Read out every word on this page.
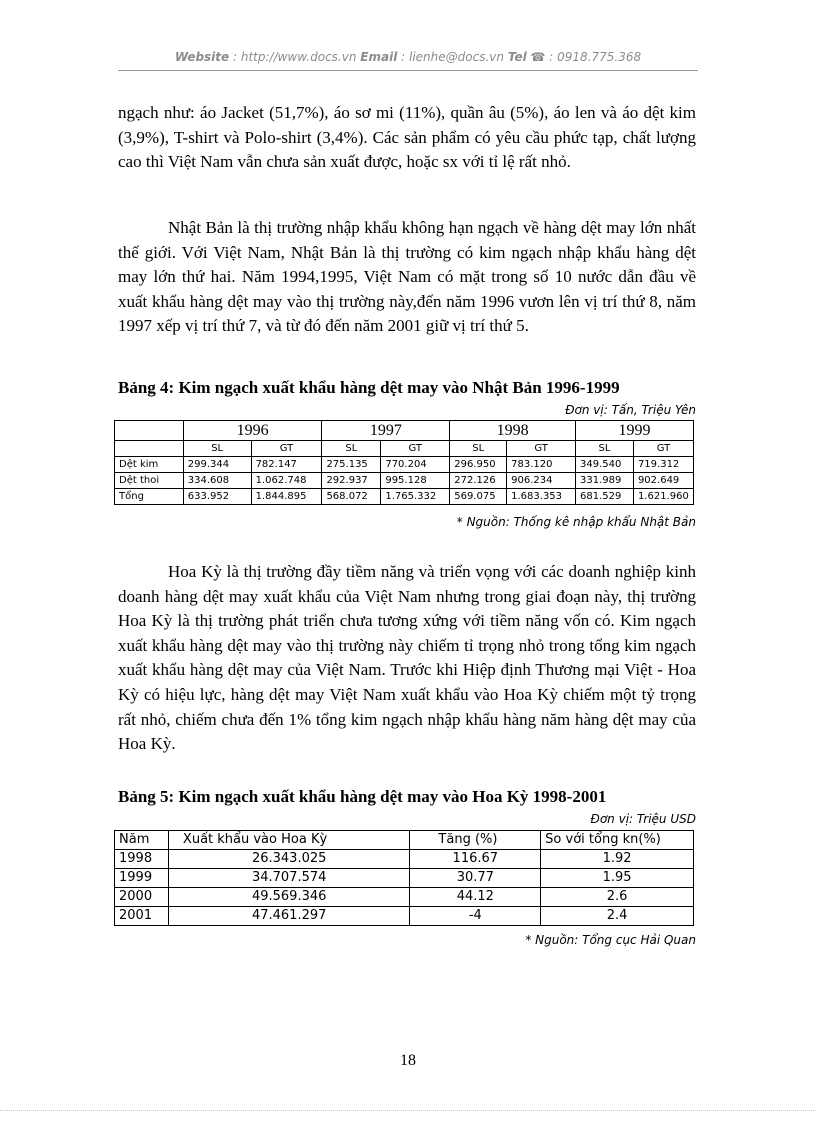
Website : http://www.docs.vn Email : lienhe@docs.vn Tel ☎ : 0918.775.368

ngạch như: áo Jacket (51,7%), áo sơ mi (11%), quần âu (5%), áo len và áo dệt kim (3,9%), T-shirt và Polo-shirt (3,4%). Các sản phẩm có yêu cầu phức tạp, chất lượng cao thì Việt Nam vẫn chưa sản xuất được, hoặc sx với tỉ lệ rất nhỏ.

Nhật Bản là thị trường nhập khẩu không hạn ngạch về hàng dệt may lớn nhất thế giới. Với Việt Nam, Nhật Bản là thị trường có kim ngạch nhập khẩu hàng dệt may lớn thứ hai. Năm 1994,1995, Việt Nam có mặt trong số 10 nước dẫn đầu về xuất khẩu hàng dệt may vào thị trường này,đến năm 1996 vươn lên vị trí thứ 8, năm 1997 xếp vị trí thứ 7, và từ đó đến năm 2001 giữ vị trí thứ 5.

Bảng 4: Kim ngạch xuất khẩu hàng dệt may vào Nhật Bản 1996-1999

Đơn vị: Tấn, Triệu Yên
	1996		1997		1998		1999	
	SL	GT	SL	GT	SL	GT	SL	GT
Dệt kim	299.344	782.147	275.135	770.204	296.950	783.120	349.540	719.312
Dệt thoi	334.608	1.062.748	292.937	995.128	272.126	906.234	331.989	902.649
Tổng	633.952	1.844.895	568.072	1.765.332	569.075	1.683.353	681.529	1.621.960
* Nguồn: Thống kê nhập khẩu Nhật Bản

Hoa Kỳ là thị trường đầy tiềm năng và triển vọng với các doanh nghiệp kinh doanh hàng dệt may xuất khẩu của Việt Nam nhưng trong giai đoạn này, thị trường Hoa Kỳ là thị trường phát triển chưa tương xứng với tiềm năng vốn có. Kim ngạch xuất khẩu hàng dệt may vào thị trường này chiếm tỉ trọng nhỏ trong tổng kim ngạch xuất khẩu hàng dệt may của Việt Nam. Trước khi Hiệp định Thương mại Việt - Hoa Kỳ có hiệu lực, hàng dệt may Việt Nam xuất khẩu vào Hoa Kỳ chiếm một tỷ trọng rất nhỏ, chiếm chưa đến 1% tổng kim ngạch nhập khẩu hàng năm hàng dệt may của Hoa Kỳ.

Bảng 5: Kim ngạch xuất khẩu hàng dệt may vào Hoa Kỳ 1998-2001

Đơn vị: Triệu USD
Năm	Xuất khẩu vào Hoa Kỳ	Tăng (%)	So với tổng kn(%)
1998	26.343.025	116.67	1.92
1999	34.707.574	30.77	1.95
2000	49.569.346	44.12	2.6
2001	47.461.297	-4	2.4
* Nguồn: Tổng cục Hải Quan
18
